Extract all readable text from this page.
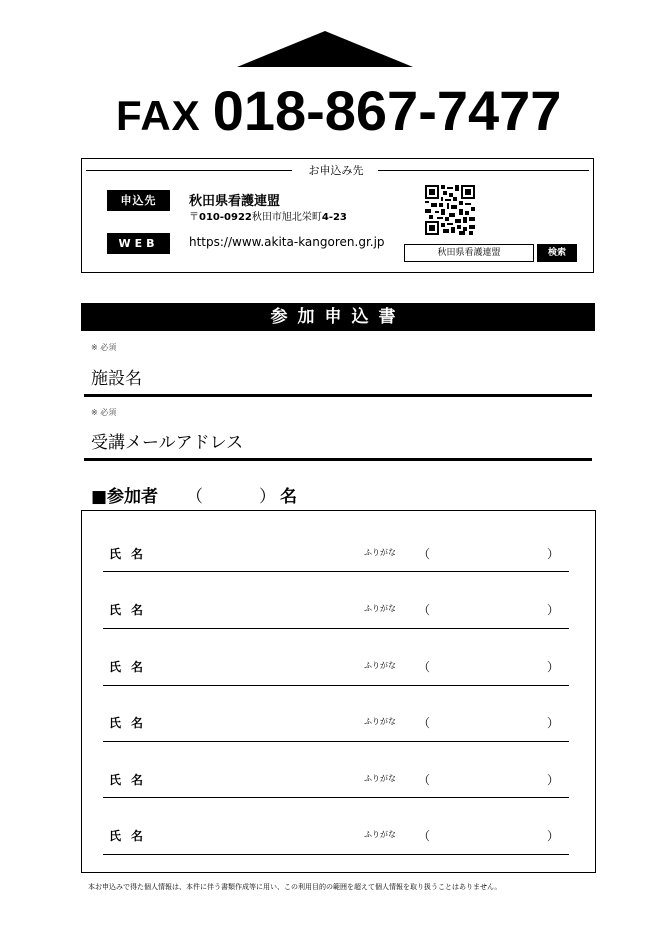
FAX 018-867-7477
お申込み先
申込先	秋田県看護連盟
〒010-0922秋田市旭北栄町4-23
WEB	https://www.akita-kangoren.gr.jp
秋田県看護連盟	検索
参加申込書
※ 必須
施設名
※ 必須
受講メールアドレス
■参加者 （	） 名
氏名	ふりがな （	）
氏名	ふりがな （	）
氏名	ふりがな （	）
氏名	ふりがな （	）
氏名	ふりがな （	）
氏名	ふりがな （	）
本お申込みで得た個人情報は、本件に伴う書類作成等に用い、この利用目的の範囲を超えて個人情報を取り扱うことはありません。
